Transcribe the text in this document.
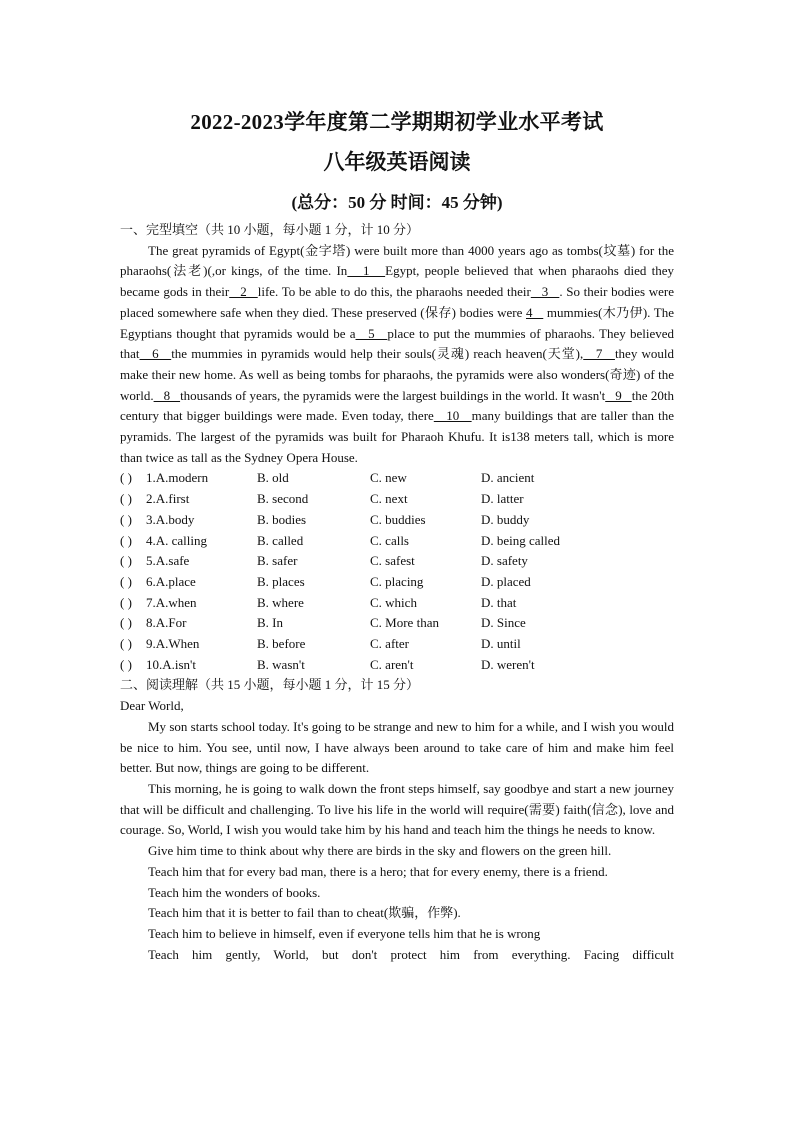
2022-2023学年度第二学期期初学业水平考试
八年级英语阅读
(总分：50 分 时间：45 分钟)
一、完型填空（共 10 小题，每小题 1 分，计 10 分）
The great pyramids of Egypt(金字塔) were built more than 4000 years ago as tombs(坟墓) for the pharaohs(法老)(,or kings, of the time. In   1   Egypt, people believed that when pharaohs died they became gods in their   2   life. To be able to do this, the pharaohs needed their   3   . So their bodies were placed somewhere safe when they died. These preserved (保存) bodies were 4    mummies(木乃伊). The Egyptians thought that pyramids would be a   5   place to put the mummies of pharaohs. They believed that   6   the mummies in pyramids would help their souls(灵魂) reach heaven(天堂),   7   they would make their new home. As well as being tombs for pharaohs, the pyramids were also wonders(奇迹) of the world.   8   thousands of years, the pyramids were the largest buildings in the world. It wasn't   9   the 20th century that bigger buildings were made. Even today, there   10   many buildings that are taller than the pyramids. The largest of the pyramids was built for Pharaoh Khufu. It is138 meters tall, which is more than twice as tall as the Sydney Opera House.
( ) 1.A.modern	B. old	C. new	D. ancient
( ) 2.A.first	B. second	C. next	D. latter
( ) 3.A.body	B. bodies	C. buddies	D. buddy
( ) 4.A. calling	B. called	C. calls	D. being called
( ) 5.A.safe	B. safer	C. safest	D. safety
( ) 6.A.place	B. places	C. placing	D. placed
( ) 7.A.when	B. where	C. which	D. that
( ) 8.A.For	B. In	C. More than	D. Since
( ) 9.A.When	B. before	C. after	D. until
( ) 10.A.isn't	B. wasn't	C. aren't	D. weren't
二、阅读理解（共 15 小题，每小题 1 分，计 15 分）
Dear World,
My son starts school today. It's going to be strange and new to him for a while, and I wish you would be nice to him. You see, until now, I have always been around to take care of him and make him feel better. But now, things are going to be different.
This morning, he is going to walk down the front steps himself, say goodbye and start a new journey that will be difficult and challenging. To live his life in the world will require(需要) faith(信念), love and courage. So, World, I wish you would take him by his hand and teach him the things he needs to know.
Give him time to think about why there are birds in the sky and flowers on the green hill.
Teach him that for every bad man, there is a hero; that for every enemy, there is a friend.
Teach him the wonders of books.
Teach him that it is better to fail than to cheat(欺骗，作弊).
Teach him to believe in himself, even if everyone tells him that he is wrong
Teach him gently, World, but don't protect him from everything. Facing difficult
